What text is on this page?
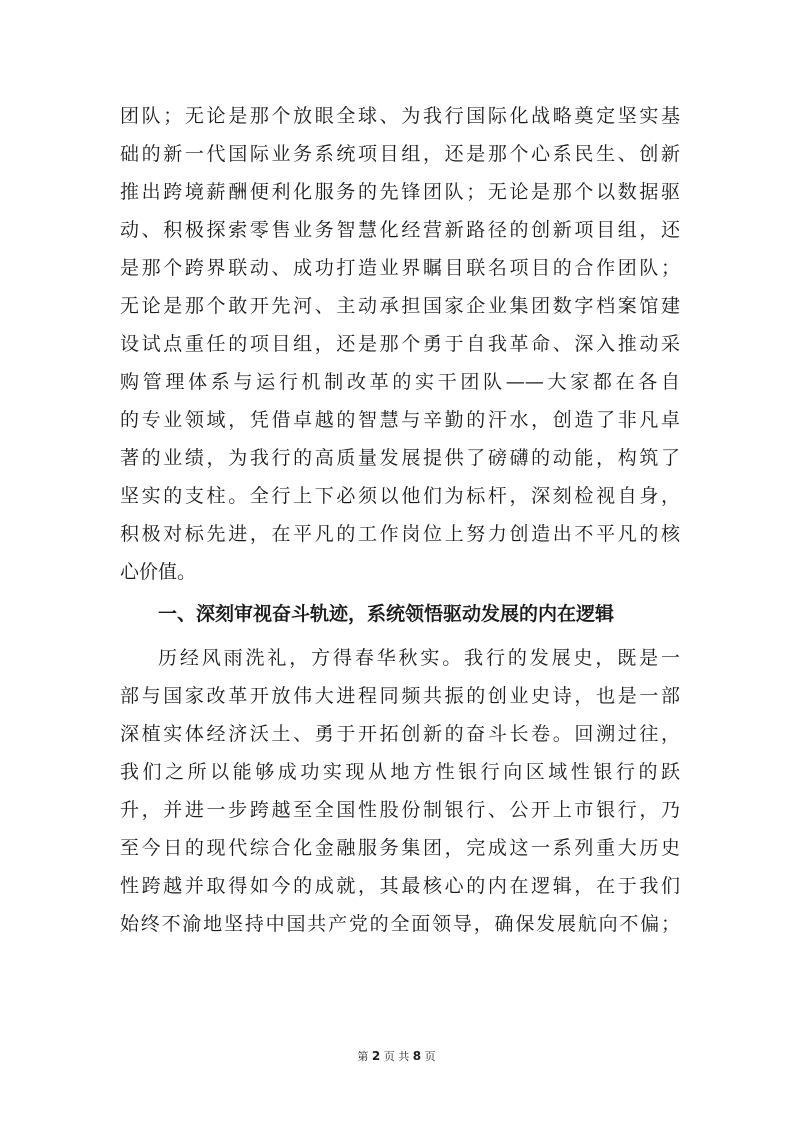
团队；无论是那个放眼全球、为我行国际化战略奠定坚实基
础的新一代国际业务系统项目组，还是那个心系民生、创新
推出跨境薪酬便利化服务的先锋团队；无论是那个以数据驱
动、积极探索零售业务智慧化经营新路径的创新项目组，还
是那个跨界联动、成功打造业界瞩目联名项目的合作团队；
无论是那个敢开先河、主动承担国家企业集团数字档案馆建
设试点重任的项目组，还是那个勇于自我革命、深入推动采
购管理体系与运行机制改革的实干团队——大家都在各自
的专业领域，凭借卓越的智慧与辛勤的汗水，创造了非凡卓
著的业绩，为我行的高质量发展提供了磅礴的动能，构筑了
坚实的支柱。全行上下必须以他们为标杆，深刻检视自身，
积极对标先进，在平凡的工作岗位上努力创造出不平凡的核
心价值。
一、深刻审视奋斗轨迹，系统领悟驱动发展的内在逻辑
历经风雨洗礼，方得春华秋实。我行的发展史，既是一
部与国家改革开放伟大进程同频共振的创业史诗，也是一部
深植实体经济沃土、勇于开拓创新的奋斗长卷。回溯过往，
我们之所以能够成功实现从地方性银行向区域性银行的跃
升，并进一步跨越至全国性股份制银行、公开上市银行，乃
至今日的现代综合化金融服务集团，完成这一系列重大历史
性跨越并取得如今的成就，其最核心的内在逻辑，在于我们
始终不渝地坚持中国共产党的全面领导，确保发展航向不偏；
第 2 页 共 8 页
